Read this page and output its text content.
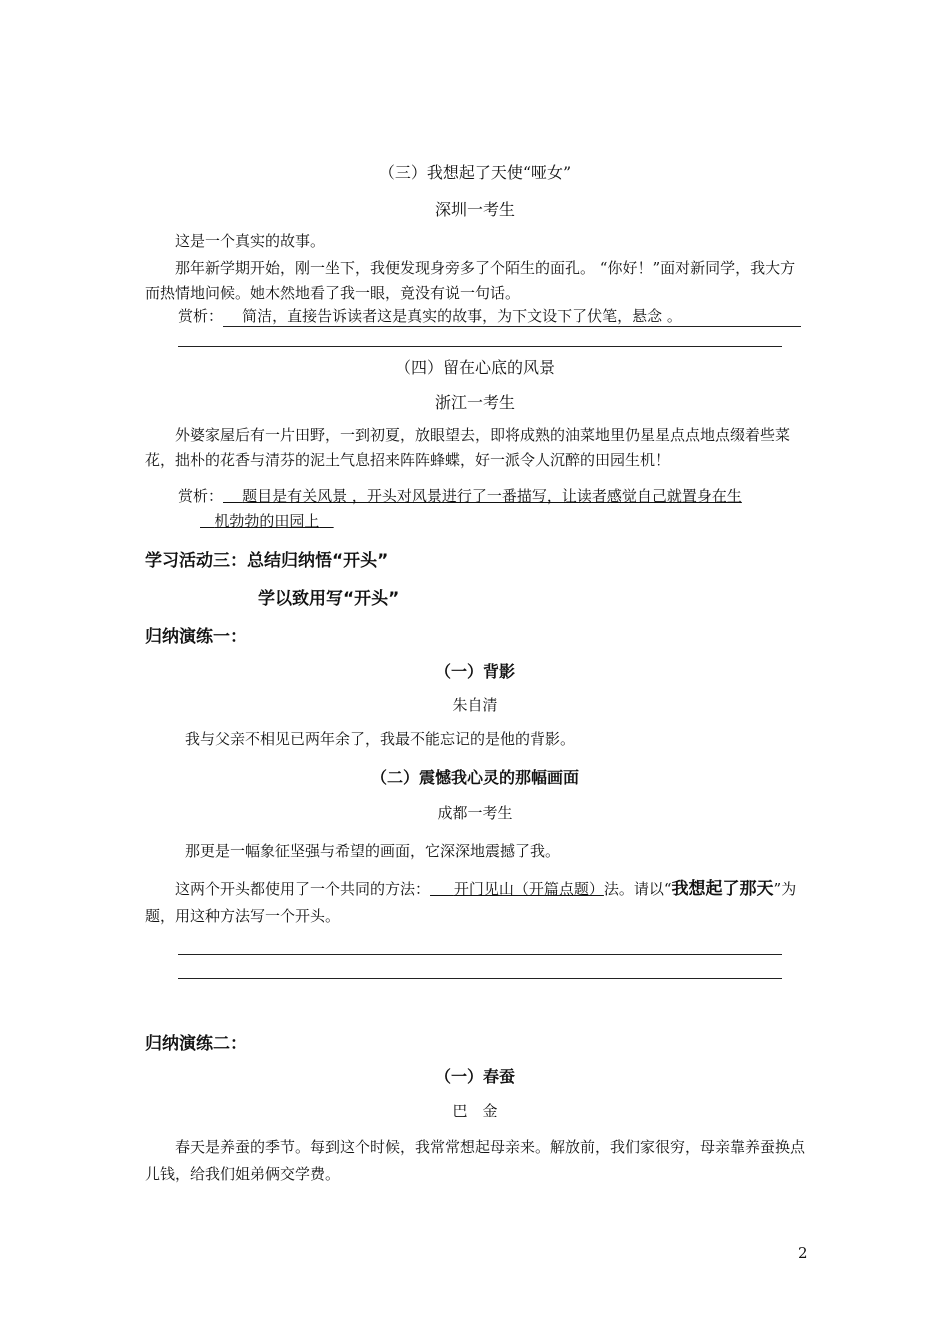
（三）我想起了天使“哑女”
深圳一考生
这是一个真实的故事。
那年新学期开始，刚一坐下，我便发现身旁多了个陌生的面孔。 “你好！”面对新同学，我大方而热情地问候。她木然地看了我一眼，竟没有说一句话。
赏析： 简洁，直接告诉读者这是真实的故事，为下文设下了伏笔，悬念 。
（四）留在心底的风景
浙江一考生
外婆家屋后有一片田野，一到初夏，放眼望去，即将成熟的油菜地里仍星星点点地点缀着些菜花，拙朴的花香与清芬的泥土气息招来阵阵蜂蝶，好一派令人沉醉的田园生机！
赏析： 题目是有关风景 ，开头对风景进行了一番描写，让读者感觉自己就置身在生
机勃勃的田园上
学习活动三：总结归纳悟“开头”
学以致用写“开头”
归纳演练一：
（一）背影
朱自清
我与父亲不相见已两年余了，我最不能忘记的是他的背影。
（二）震憾我心灵的那幅画面
成都一考生
那更是一幅象征坚强与希望的画面，它深深地震撼了我。
这两个开头都使用了一个共同的方法： 开门见山（开篇点题）法。请以“我想起了那天”为题，用这种方法写一个开头。
归纳演练二：
（一）春蚕
巴　金
春天是养蚕的季节。每到这个时候，我常常想起母亲来。解放前，我们家很穷，母亲靠养蚕换点儿钱，给我们姐弟俩交学费。
2
